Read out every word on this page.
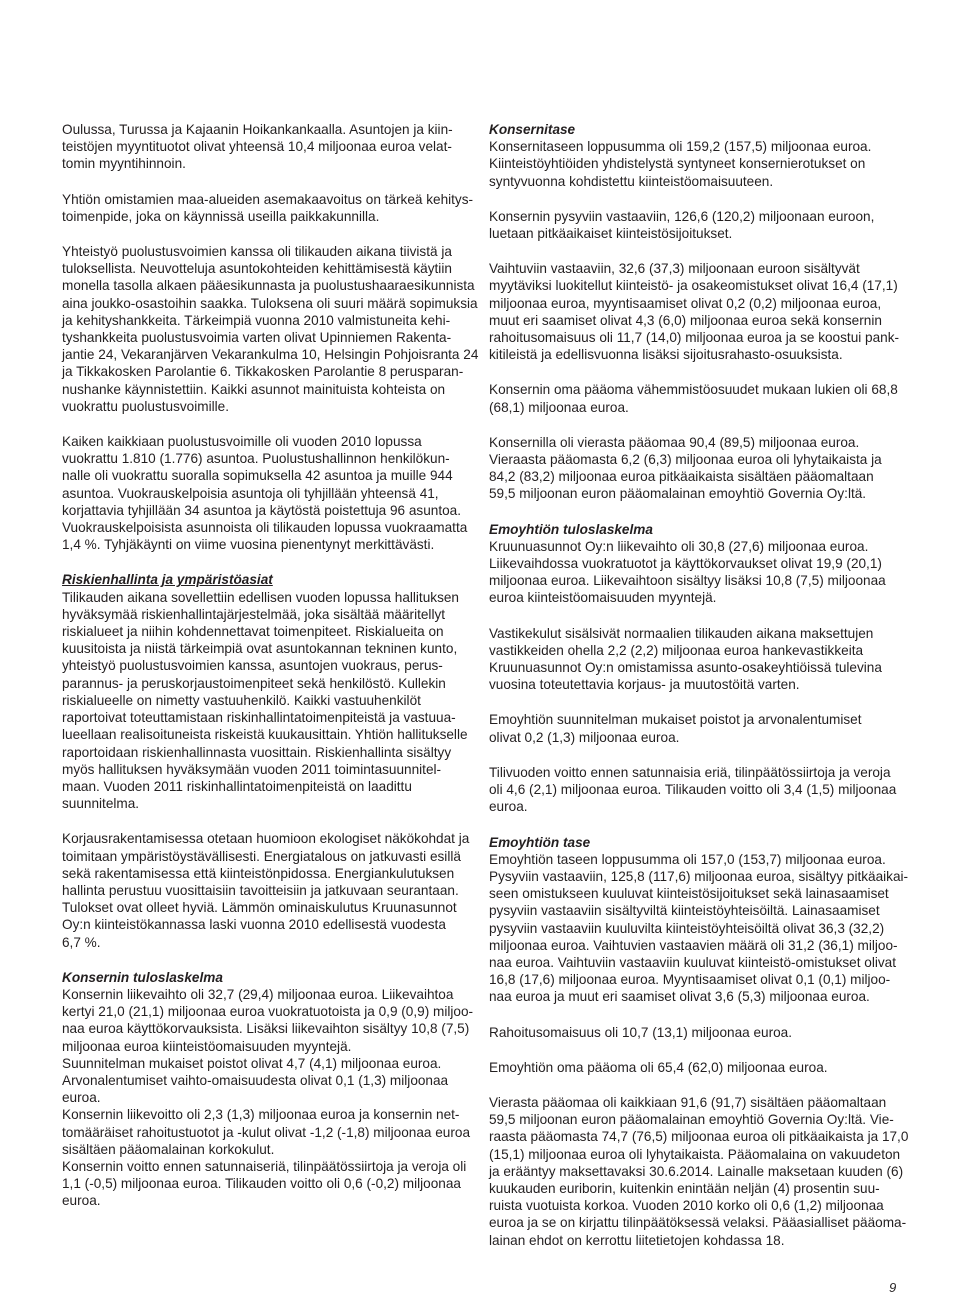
Oulussa, Turussa ja Kajaanin Hoikankankaalla. Asuntojen ja kiin-
teistöjen myyntituotot olivat yhteensä 10,4 miljoonaa euroa velat-
tomin myyntihinnoin.
Yhtiön omistamien maa-alueiden asemakaavoitus on tärkeä kehitys-
toimenpide, joka on käynnissä useilla paikkakunnilla.
Yhteistyö puolustusvoimien kanssa oli tilikauden aikana tiivistä ja
tuloksellista. Neuvotteluja asuntokohteiden kehittämisestä käytiin
monella tasolla alkaen pääesikunnasta ja puolustushaaraesikunnista
aina joukko-osastoihin saakka. Tuloksena oli suuri määrä sopimuksia
ja kehityshankkeita. Tärkeimpiä vuonna 2010 valmistuneita kehi-
tyshankkeita puolustusvoimia varten olivat Upinniemen Rakenta-
jantie 24, Vekaranjärven Vekarankulma 10, Helsingin Pohjoisranta 24
ja Tikkakosken Parolantie 6. Tikkakosken Parolantie 8 perusparan-
nushanke käynnistettiin. Kaikki asunnot mainituista kohteista on
vuokrattu puolustusvoimille.
Kaiken kaikkiaan puolustusvoimille oli vuoden 2010 lopussa
vuokrattu 1.810 (1.776) asuntoa. Puolustushallinnon henkilökun-
nalle oli vuokrattu suoralla sopimuksella 42 asuntoa ja muille 944
asuntoa. Vuokrauskelpoisia asuntoja oli tyhjillään yhteensä 41,
korjattavia tyhjillään 34 asuntoa ja käytöstä poistettuja 96 asuntoa.
Vuokrauskelpoisista asunnoista oli tilikauden lopussa vuokraamatta
1,4 %. Tyhjäkäynti on viime vuosina pienentynyt merkittävästi.
Riskienhallinta ja ympäristöasiat
Tilikauden aikana sovellettiin edellisen vuoden lopussa hallituksen
hyväksymää riskienhallintajärjestelmää, joka sisältää määritellyt
riskialueet ja niihin kohdennettavat toimenpiteet. Riskialueita on
kuusitoista ja niistä tärkeimpiä ovat asuntokannan tekninen kunto,
yhteistyö puolustusvoimien kanssa, asuntojen vuokraus, perus-
parannus- ja peruskorjaustoimenpiteet sekä henkilöstö. Kullekin
riskialueelle on nimetty vastuuhenkilö. Kaikki vastuuhenkilöt
raportoivat toteuttamistaan riskinhallintatoimenpiteistä ja vastuua-
lueellaan realisoituneista riskeistä kuukausittain. Yhtiön hallitukselle
raportoidaan riskienhallinnasta vuosittain. Riskienhallinta sisältyy
myös hallituksen hyväksymään vuoden 2011 toimintasuunnitel-
maan. Vuoden 2011 riskinhallintatoimenpiteistä on laadittu
suunnitelma.
Korjausrakentamisessa otetaan huomioon ekologiset näkökohdat ja
toimitaan ympäristöystävällisesti. Energiatalous on jatkuvasti esillä
sekä rakentamisessa että kiinteistönpidossa. Energiankulutuksen
hallinta perustuu vuosittaisiin tavoitteisiin ja jatkuvaan seurantaan.
Tulokset ovat olleet hyviä. Lämmön ominaiskulutus Kruunasunnot
Oy:n kiinteistökannassa laski vuonna 2010 edellisestä vuodesta
6,7 %.
Konsernin tuloslaskelma
Konsernin liikevaihto oli 32,7 (29,4) miljoonaa euroa. Liikevaihtoa
kertyi 21,0 (21,1) miljoonaa euroa vuokratuotoista ja 0,9 (0,9) miljoo-
naa euroa käyttökorvauksista. Lisäksi liikevaihton sisältyy 10,8 (7,5)
miljoonaa euroa kiinteistöomaisuuden myyntejä.
Suunnitelman mukaiset poistot olivat 4,7 (4,1) miljoonaa euroa.
Arvonalentumiset vaihto-omaisuudesta olivat 0,1 (1,3) miljoonaa
euroa.
Konsernin liikevoitto oli 2,3 (1,3) miljoonaa euroa ja konsernin net-
tomääräiset rahoitustuotot ja -kulut olivat -1,2 (-1,8) miljoonaa euroa
sisältäen pääomalainan korkokulut.
Konsernin voitto ennen satunnaiseriä, tilinpäätössiirtoja ja veroja oli
1,1 (-0,5) miljoonaa euroa. Tilikauden voitto oli 0,6 (-0,2) miljoonaa
euroa.
Konsernitase
Konsernitaseen loppusumma oli 159,2 (157,5) miljoonaa euroa.
Kiinteistöyhtiöiden yhdistelystä syntyneet konsernierotukset on
syntyvuonna kohdistettu kiinteistöomaisuuteen.
Konsernin pysyviin vastaaviin, 126,6 (120,2) miljoonaan euroon,
luetaan pitkäaikaiset kiinteistösijoitukset.
Vaihtuviin vastaaviin, 32,6 (37,3) miljoonaan euroon sisältyvät
myytäviksi luokitellut kiinteistö- ja osakeomistukset olivat 16,4 (17,1)
miljoonaa euroa, myyntisaamiset olivat 0,2 (0,2) miljoonaa euroa,
muut eri saamiset olivat 4,3 (6,0) miljoonaa euroa sekä konsernin
rahoitusomaisuus oli 11,7 (14,0) miljoonaa euroa ja se koostui pank-
kitileistä ja edellisvuonna lisäksi sijoitusrahasto-osuuksista.
Konsernin oma pääoma vähemmistöosuudet mukaan lukien oli 68,8
(68,1) miljoonaa euroa.
Konsernilla oli vierasta pääomaa 90,4 (89,5) miljoonaa euroa.
Vieraasta pääomasta 6,2 (6,3) miljoonaa euroa oli lyhytaikaista ja
84,2 (83,2) miljoonaa euroa pitkäaikaista sisältäen pääomaltaan
59,5 miljoonan euron pääomalainan emoyhtiö Governia Oy:ltä.
Emoyhtiön tuloslaskelma
Kruunuasunnot Oy:n liikevaihto oli 30,8 (27,6) miljoonaa euroa.
Liikevaihdossa vuokratuotot ja käyttökorvaukset olivat 19,9 (20,1)
miljoonaa euroa. Liikevaihtoon sisältyy lisäksi 10,8 (7,5) miljoonaa
euroa kiinteistöomaisuuden myyntejä.
Vastikekulut sisälsivät normaalien tilikauden aikana maksettujen
vastikkeiden ohella 2,2 (2,2) miljoonaa euroa hankevastikkeita
Kruunuasunnot Oy:n omistamissa asunto-osakeyhtiöissä tulevina
vuosina toteutettavia korjaus- ja muutostöitä varten.
Emoyhtiön suunnitelman mukaiset poistot ja arvonalentumiset
olivat 0,2 (1,3) miljoonaa euroa.
Tilivuoden voitto ennen satunnaisia eriä, tilinpäätössiirtoja ja veroja
oli 4,6 (2,1) miljoonaa euroa. Tilikauden voitto oli 3,4 (1,5) miljoonaa
euroa.
Emoyhtiön tase
Emoyhtiön taseen loppusumma oli 157,0 (153,7) miljoonaa euroa.
Pysyviin vastaaviin, 125,8 (117,6) miljoonaa euroa, sisältyy pitkäaikai-
seen omistukseen kuuluvat kiinteistösijoitukset sekä lainasaamiset
pysyviin vastaaviin sisältyviltä kiinteistöyhteisöiltä. Lainasaamiset
pysyviin vastaaviin kuuluvilta kiinteistöyhteisöiltä olivat 36,3 (32,2)
miljoonaa euroa. Vaihtuvien vastaavien määrä oli 31,2 (36,1) miljoo-
naa euroa. Vaihtuviin vastaaviin kuuluvat kiinteistö-omistukset olivat
16,8 (17,6) miljoonaa euroa. Myyntisaamiset olivat 0,1 (0,1) miljoo-
naa euroa ja muut eri saamiset olivat 3,6 (5,3) miljoonaa euroa.
Rahoitusomaisuus oli 10,7 (13,1) miljoonaa euroa.
Emoyhtiön oma pääoma oli 65,4 (62,0) miljoonaa euroa.
Vierasta pääomaa oli kaikkiaan 91,6 (91,7) sisältäen pääomaltaan
59,5 miljoonan euron pääomalainan emoyhtiö Governia Oy:ltä. Vie-
raasta pääomasta 74,7 (76,5) miljoonaa euroa oli pitkäaikaista ja 17,0
(15,1) miljoonaa euroa oli lyhytaikaista. Pääomalaina on vakuudeton
ja erääntyy maksettavaksi 30.6.2014. Lainalle maksetaan kuuden (6)
kuukauden euriborin, kuitenkin enintään neljän (4) prosentin suu-
ruista vuotuista korkoa. Vuoden 2010 korko oli 0,6 (1,2) miljoonaa
euroa ja se on kirjattu tilinpäätöksessä velaksi. Pääasialliset pääoma-
lainan ehdot on kerrottu liitetietojen kohdassa 18.
9
